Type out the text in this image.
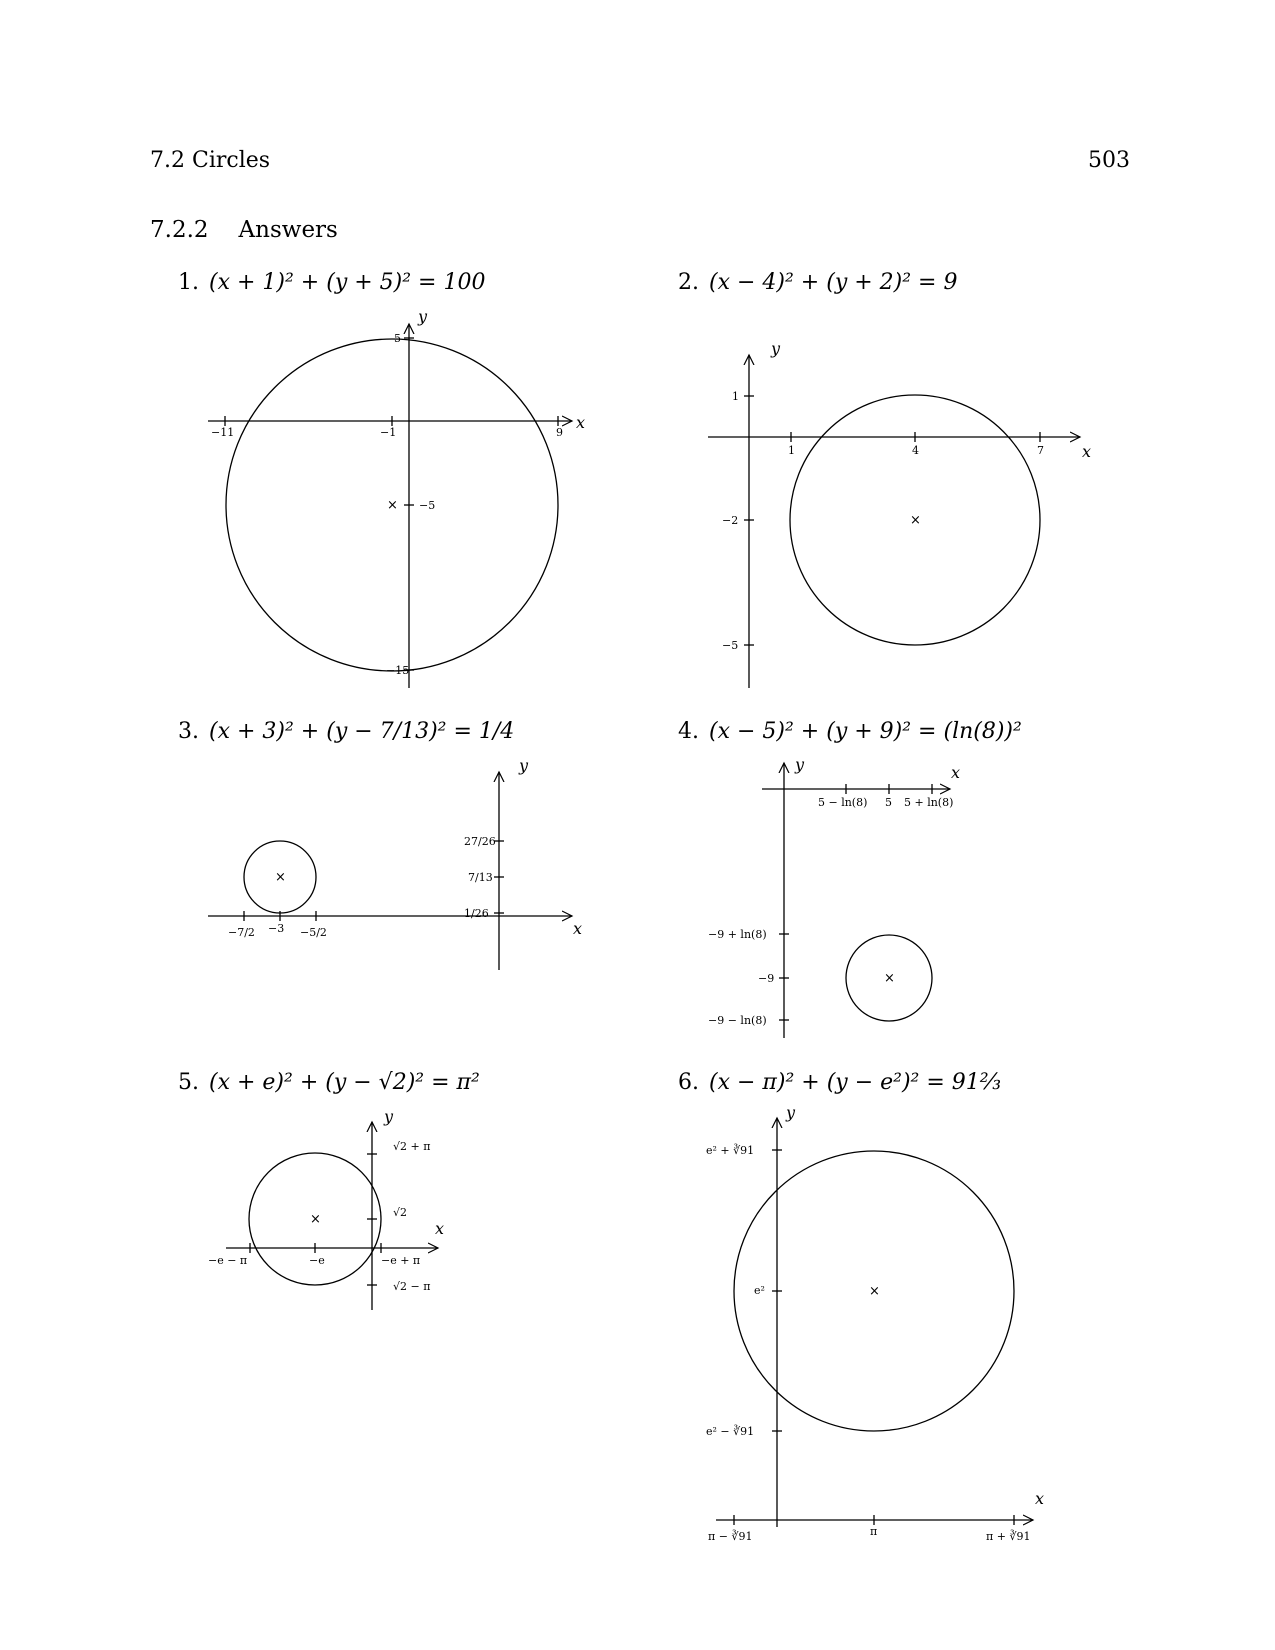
7.2 Circles	503
7.2.2 Answers
1. (x + 1)² + (y + 5)² = 100	2. (x − 4)² + (y + 2)² = 9
3. (x + 3)² + (y − 7/13)² = 1/4	4. (x − 5)² + (y + 9)² = (ln(8))²
5. (x + e)² + (y − √2)² = π²	6. (x − π)² + (y − e²)² = 91⅔
−11	−1	9
5
−5
−15
x
y
×
1	4	7
1
−2
−5
x
y
×
−7/2 −3 −5/2
27/26
7/13
1/26
x
y
×
5 − ln(8) 5 5 + ln(8)
−9 + ln(8)
−9
−9 − ln(8)
x
y
×
−e − π	−e	−e + π
√2 + π
√2
√2 − π
x
y
×
π − ∛91	π	π + ∛91
e² + ∛91
e²
e² − ∛91
x
y
×
